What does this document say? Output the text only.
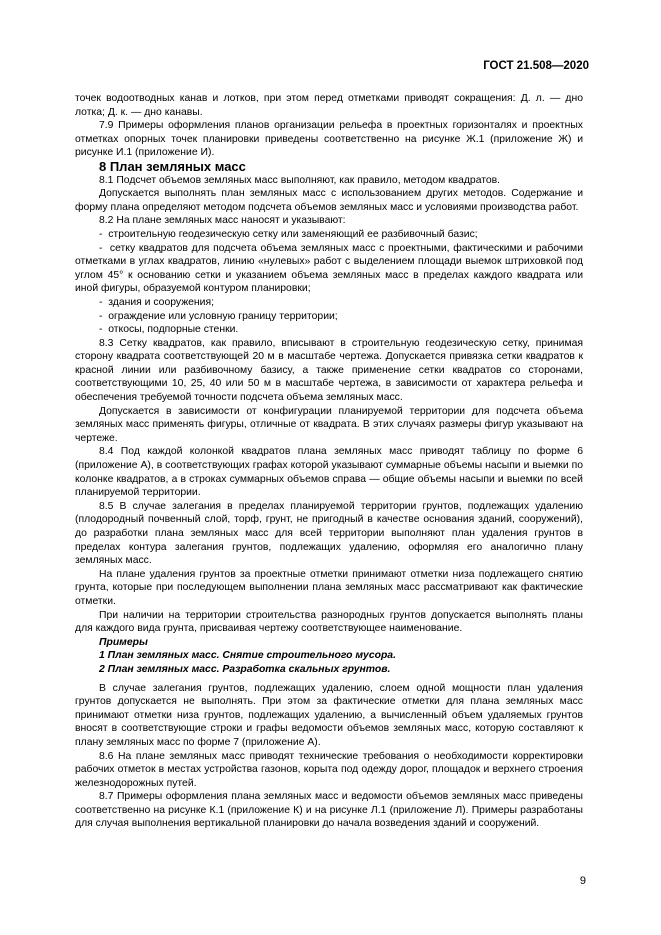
ГОСТ 21.508—2020

точек водоотводных канав и лотков, при этом перед отметками приводят сокращения: Д. л. — дно лотка; Д. к. — дно канавы.

7.9 Примеры оформления планов организации рельефа в проектных горизонталях и проектных отметках опорных точек планировки приведены соответственно на рисунке Ж.1 (приложение Ж) и рисунке И.1 (приложение И).

8 План земляных масс

8.1 Подсчет объемов земляных масс выполняют, как правило, методом квадратов.

Допускается выполнять план земляных масс с использованием других методов. Содержание и форму плана определяют методом подсчета объемов земляных масс и условиями производства работ.

8.2 На плане земляных масс наносят и указывают:

-  строительную геодезическую сетку или заменяющий ее разбивочный базис;

-  сетку квадратов для подсчета объема земляных масс с проектными, фактическими и рабочими отметками в углах квадратов, линию «нулевых» работ с выделением площади выемок штриховкой под углом 45° к основанию сетки и указанием объема земляных масс в пределах каждого квадрата или иной фигуры, образуемой контуром планировки;

-  здания и сооружения;

-  ограждение или условную границу территории;

-  откосы, подпорные стенки.

8.3 Сетку квадратов, как правило, вписывают в строительную геодезическую сетку, принимая сторону квадрата соответствующей 20 м в масштабе чертежа. Допускается привязка сетки квадратов к красной линии или разбивочному базису, а также применение сетки квадратов со сторонами, соответствующими 10, 25, 40 или 50 м в масштабе чертежа, в зависимости от характера рельефа и обеспечения требуемой точности подсчета объема земляных масс.

Допускается в зависимости от конфигурации планируемой территории для подсчета объема земляных масс применять фигуры, отличные от квадрата. В этих случаях размеры фигур указывают на чертеже.

8.4 Под каждой колонкой квадратов плана земляных масс приводят таблицу по форме 6 (приложение А), в соответствующих графах которой указывают суммарные объемы насыпи и выемки по колонке квадратов, а в строках суммарных объемов справа — общие объемы насыпи и выемки по всей планируемой территории.

8.5 В случае залегания в пределах планируемой территории грунтов, подлежащих удалению (плодородный почвенный слой, торф, грунт, не пригодный в качестве основания зданий, сооружений), до разработки плана земляных масс для всей территории выполняют план удаления грунтов в пределах контура залегания грунтов, подлежащих удалению, оформляя его аналогично плану земляных масс.

На плане удаления грунтов за проектные отметки принимают отметки низа подлежащего снятию грунта, которые при последующем выполнении плана земляных масс рассматривают как фактические отметки.

При наличии на территории строительства разнородных грунтов допускается выполнять планы для каждого вида грунта, присваивая чертежу соответствующее наименование.

Примеры

1 План земляных масс. Снятие строительного мусора.

2 План земляных масс. Разработка скальных грунтов.

В случае залегания грунтов, подлежащих удалению, слоем одной мощности план удаления грунтов допускается не выполнять. При этом за фактические отметки для плана земляных масс принимают отметки низа грунтов, подлежащих удалению, а вычисленный объем удаляемых грунтов вносят в соответствующие строки и графы ведомости объемов земляных масс, которую составляют к плану земляных масс по форме 7 (приложение А).

8.6 На плане земляных масс приводят технические требования о необходимости корректировки рабочих отметок в местах устройства газонов, корыта под одежду дорог, площадок и верхнего строения железнодорожных путей.

8.7 Примеры оформления плана земляных масс и ведомости объемов земляных масс приведены соответственно на рисунке К.1 (приложение К) и на рисунке Л.1 (приложение Л). Примеры разработаны для случая выполнения вертикальной планировки до начала возведения зданий и сооружений.

9
